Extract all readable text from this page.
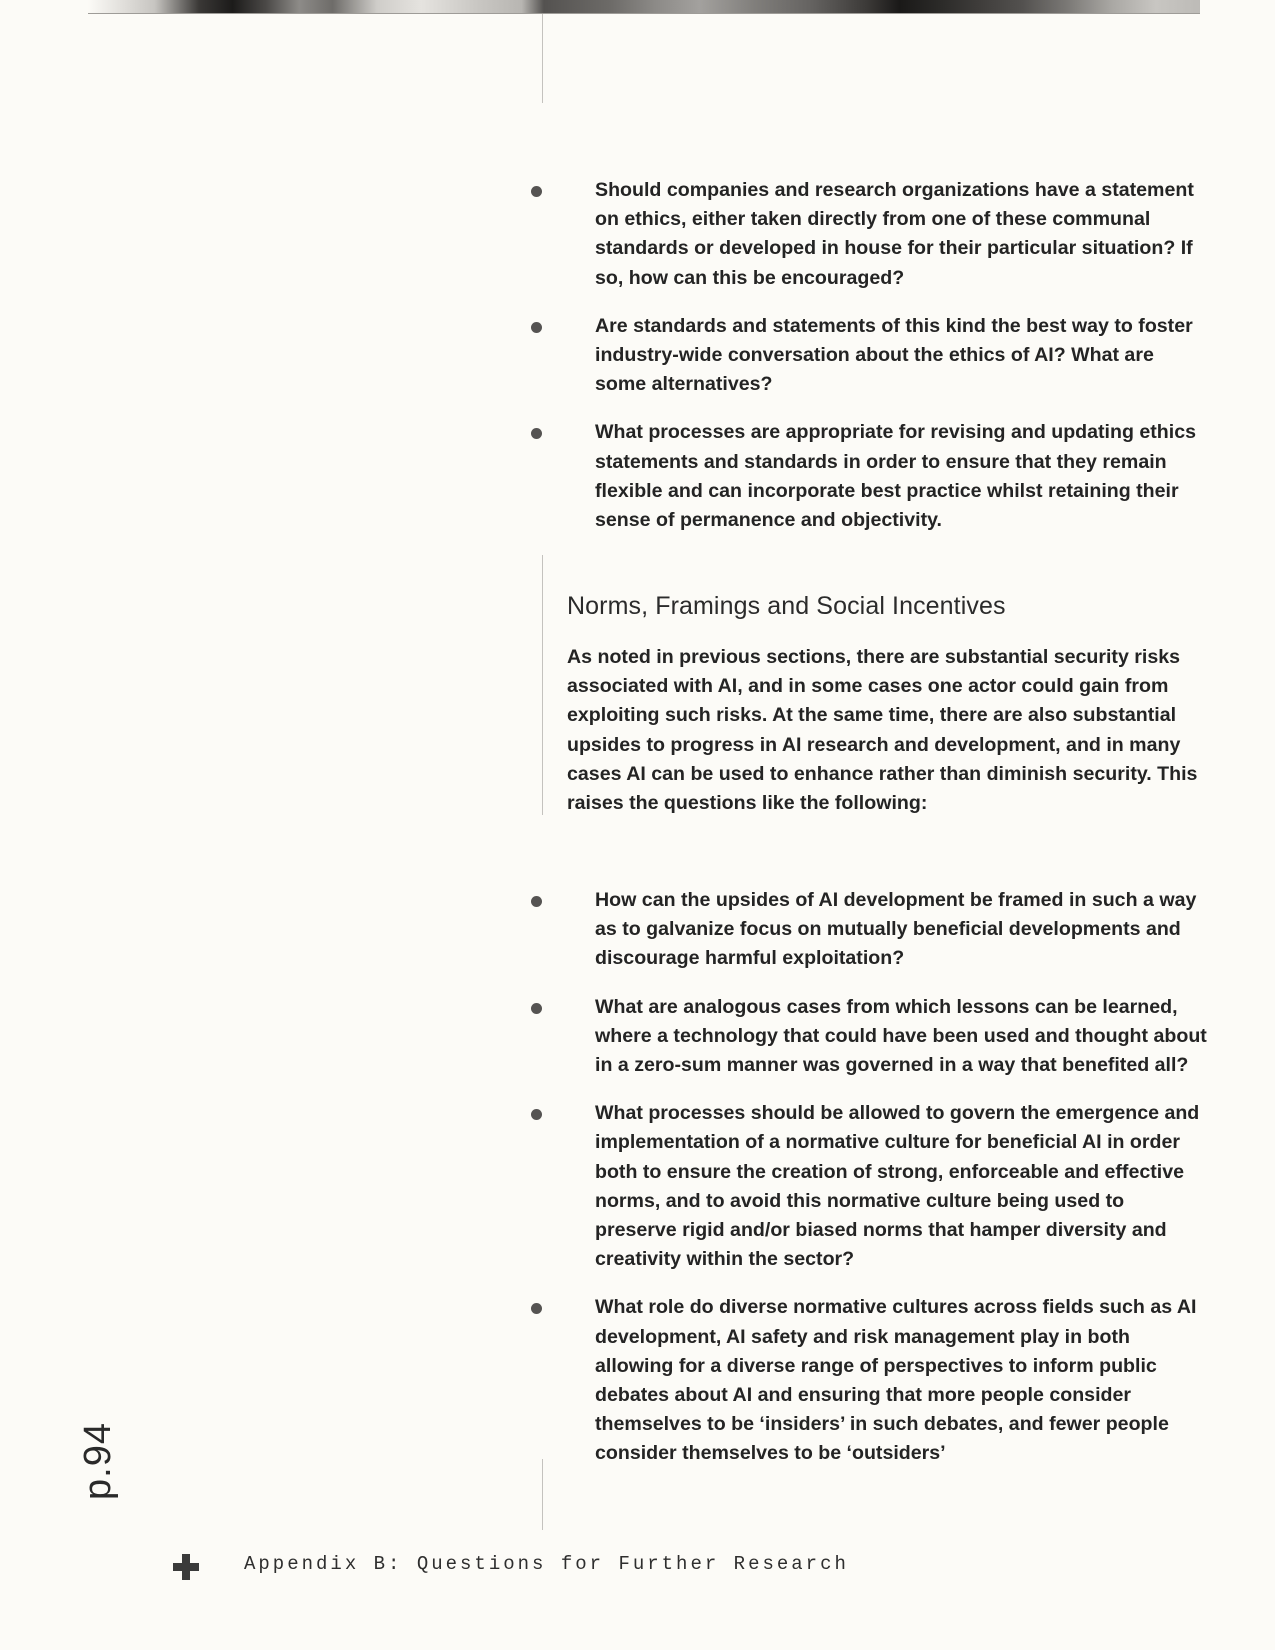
Should companies and research organizations have a statement on ethics, either taken directly from one of these communal standards or developed in house for their particular situation? If so, how can this be encouraged?
Are standards and statements of this kind the best way to foster industry-wide conversation about the ethics of AI? What are some alternatives?
What processes are appropriate for revising and updating ethics statements and standards in order to ensure that they remain flexible and can incorporate best practice whilst retaining their sense of permanence and objectivity.
Norms, Framings and Social Incentives

As noted in previous sections, there are substantial security risks associated with AI, and in some cases one actor could gain from exploiting such risks. At the same time, there are also substantial upsides to progress in AI research and development, and in many cases AI can be used to enhance rather than diminish security. This raises the questions like the following:

How can the upsides of AI development be framed in such a way as to galvanize focus on mutually beneficial developments and discourage harmful exploitation?
What are analogous cases from which lessons can be learned, where a technology that could have been used and thought about in a zero-sum manner was governed in a way that benefited all?
What processes should be allowed to govern the emergence and implementation of a normative culture for beneficial AI in order both to ensure the creation of strong, enforceable and effective norms, and to avoid this normative culture being used to preserve rigid and/or biased norms that hamper diversity and creativity within the sector?
What role do diverse normative cultures across fields such as AI development, AI safety and risk management play in both allowing for a diverse range of perspectives to inform public debates about AI and ensuring that more people consider themselves to be ‘insiders’ in such debates, and fewer people consider themselves to be ‘outsiders’
p.94
Appendix B: Questions for Further Research
